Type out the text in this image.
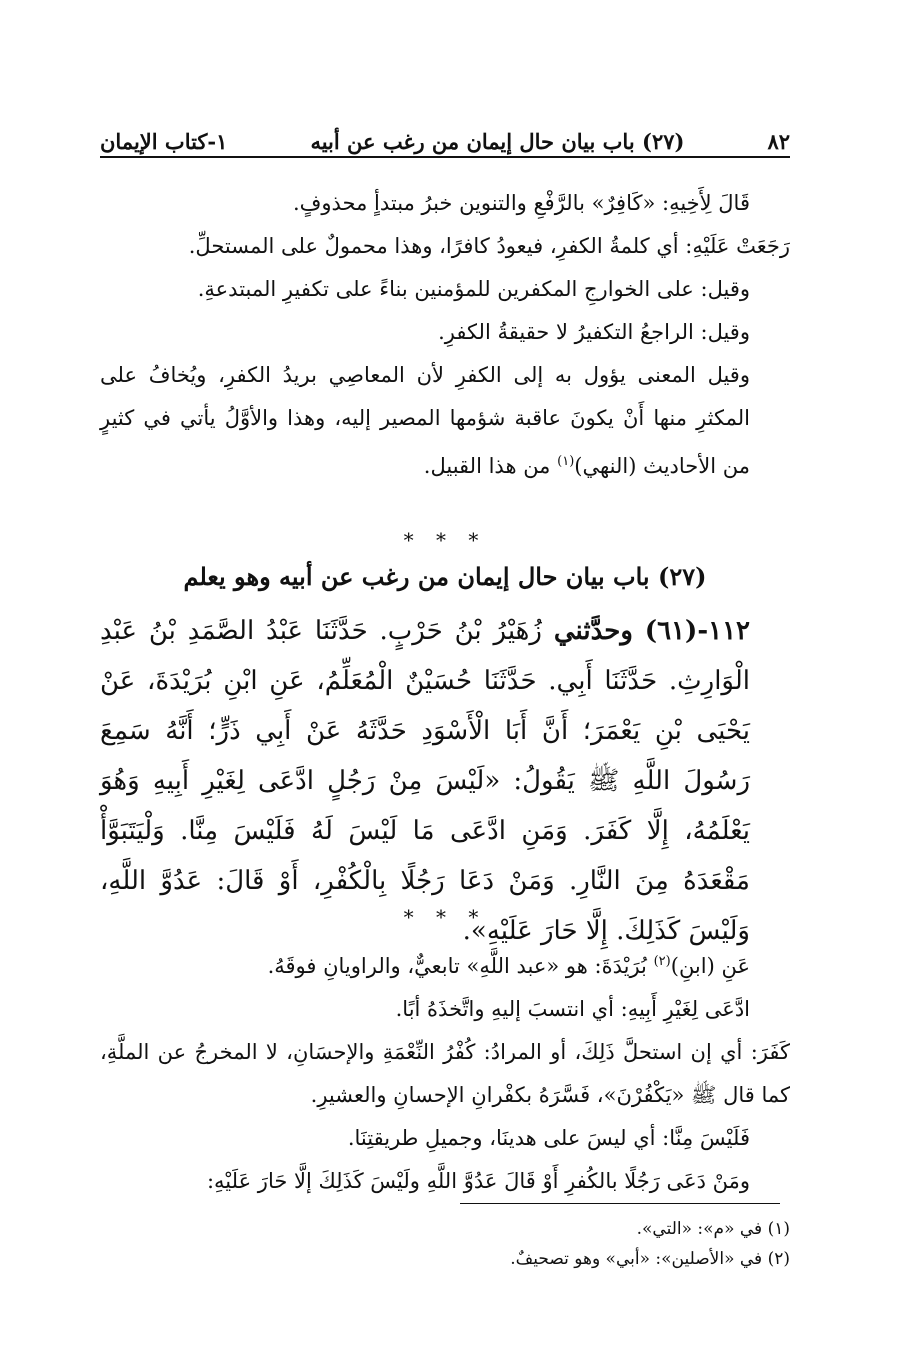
٨٢
(٢٧) باب بيان حال إيمان من رغب عن أبيه
١-كتاب الإيمان

قَالَ لِأَخِيهِ: «كَافِرٌ» بالرَّفْعِ والتنوين خبرُ مبتدأٍ محذوفٍ.

رَجَعَتْ عَلَيْهِ: أي كلمةُ الكفرِ، فيعودُ كافرًا، وهذا محمولٌ على المستحلِّ.

وقيل: على الخوارجِ المكفرين للمؤمنين بناءً على تكفيرِ المبتدعةِ.

وقيل: الراجعُ التكفيرُ لا حقيقةُ الكفرِ.

وقيل المعنى يؤول به إلى الكفرِ لأن المعاصِي بريدُ الكفرِ، ويُخافُ على المكثرِ منها أَنْ يكونَ عاقبة شؤمها المصير إليه، وهذا والأوَّلُ يأتي في كثيرٍ من الأحاديث (النهي)$^{(١)}$ من هذا القبيل.

* * *
(٢٧) باب بيان حال إيمان من رغب عن أبيه وهو يعلم

١١٢-(٦١) وحدَّثني زُهَيْرُ بْنُ حَرْبٍ. حَدَّثَنَا عَبْدُ الصَّمَدِ بْنُ عَبْدِ الْوَارِثِ. حَدَّثَنَا أَبِي. حَدَّثَنَا حُسَيْنٌ الْمُعَلِّمُ، عَنِ ابْنِ بُرَيْدَةَ، عَنْ يَحْيَى بْنِ يَعْمَرَ؛ أَنَّ أَبَا الْأَسْوَدِ حَدَّثَهُ عَنْ أَبِي ذَرٍّ؛ أَنَّهُ سَمِعَ رَسُولَ اللَّهِ ﷺ يَقُولُ: «لَيْسَ مِنْ رَجُلٍ ادَّعَى لِغَيْرِ أَبِيهِ وَهُوَ يَعْلَمُهُ، إِلَّا كَفَرَ. وَمَنِ ادَّعَى مَا لَيْسَ لَهُ فَلَيْسَ مِنَّا. وَلْيَتَبَوَّأْ مَقْعَدَهُ مِنَ النَّارِ. وَمَنْ دَعَا رَجُلًا بِالْكُفْرِ، أَوْ قَالَ: عَدُوَّ اللَّهِ، وَلَيْسَ كَذَلِكَ. إِلَّا حَارَ عَلَيْهِ».

* * *

عَنِ (ابنِ)$^{(٢)}$ بُرَيْدَةَ: هو «عبد اللَّهِ» تابعيٌّ، والراويانِ فوقَهُ.

ادَّعَى لِغَيْرِ أَبِيهِ: أي انتسبَ إليهِ واتَّخذَهُ أبًا.

كَفَرَ: أي إن استحلَّ ذَلِكَ، أو المرادُ: كُفْرُ النِّعْمَةِ والإحسَانِ، لا المخرجُ عن الملَّةِ، كما قال ﷺ «يَكْفُرْنَ»، فَسَّرَهُ بكفْرانِ الإحسانِ والعشيرِ.

فَلَيْسَ مِنَّا: أي ليسَ على هدينَا، وجميلِ طريقتِنَا.

ومَنْ دَعَى رَجُلًا بالكُفرِ أَوْ قَالَ عَدُوَّ اللَّهِ ولَيْسَ كَذَلِكَ إلَّا حَارَ عَلَيْهِ:

(١) في «م»: «التي».
(٢) في «الأصلين»: «أبي» وهو تصحيفٌ.
